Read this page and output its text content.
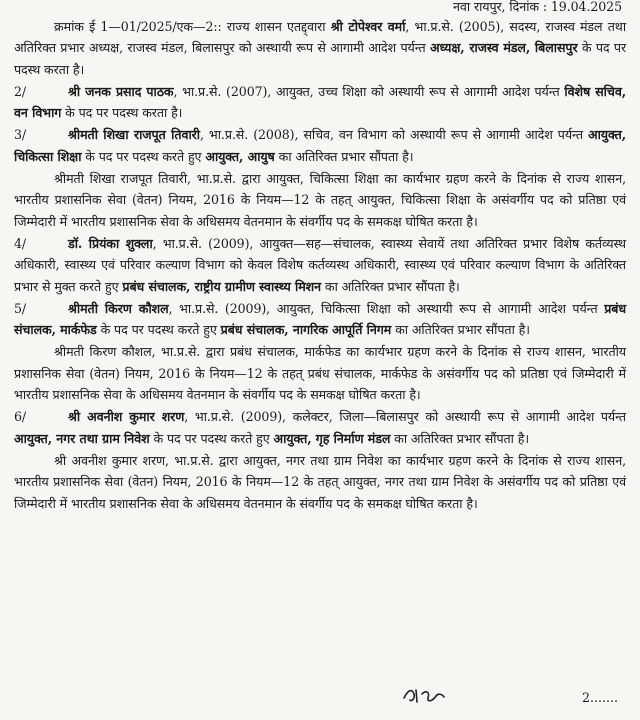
नवा रायपुर, दिनांक : 19.04.2025

क्रमांक ई 1—01/2025/एक—2:: राज्य शासन एतद्द्वारा श्री टोपेश्वर वर्मा, भा.प्र.से. (2005), सदस्य, राजस्व मंडल तथा अतिरिक्त प्रभार अध्यक्ष, राजस्व मंडल, बिलासपुर को अस्थायी रूप से आगामी आदेश पर्यन्त अध्यक्ष, राजस्व मंडल, बिलासपुर के पद पर पदस्थ करता है।

2/	श्री जनक प्रसाद पाठक, भा.प्र.से. (2007), आयुक्त, उच्च शिक्षा को अस्थायी रूप से आगामी आदेश पर्यन्त विशेष सचिव, वन विभाग के पद पर पदस्थ करता है।

3/	श्रीमती शिखा राजपूत तिवारी, भा.प्र.से. (2008), सचिव, वन विभाग को अस्थायी रूप से आगामी आदेश पर्यन्त आयुक्त, चिकित्सा शिक्षा के पद पर पदस्थ करते हुए आयुक्त, आयुष का अतिरिक्त प्रभार सौंपता है।

श्रीमती शिखा राजपूत तिवारी, भा.प्र.से. द्वारा आयुक्त, चिकित्सा शिक्षा का कार्यभार ग्रहण करने के दिनांक से राज्य शासन, भारतीय प्रशासनिक सेवा (वेतन) नियम, 2016 के नियम—12 के तहत् आयुक्त, चिकित्सा शिक्षा के असंवर्गीय पद को प्रतिष्ठा एवं जिम्मेदारी में भारतीय प्रशासनिक सेवा के अधिसमय वेतनमान के संवर्गीय पद के समकक्ष घोषित करता है।

4/	डॉ. प्रियंका शुक्ला, भा.प्र.से. (2009), आयुक्त—सह—संचालक, स्वास्थ्य सेवायें तथा अतिरिक्त प्रभार विशेष कर्तव्यस्थ अधिकारी, स्वास्थ्य एवं परिवार कल्याण विभाग को केवल विशेष कर्तव्यस्थ अधिकारी, स्वास्थ्य एवं परिवार कल्याण विभाग के अतिरिक्त प्रभार से मुक्त करते हुए प्रबंध संचालक, राष्ट्रीय ग्रामीण स्वास्थ्य मिशन का अतिरिक्त प्रभार सौंपता है।

5/	श्रीमती किरण कौशल, भा.प्र.से. (2009), आयुक्त, चिकित्सा शिक्षा को अस्थायी रूप से आगामी आदेश पर्यन्त प्रबंध संचालक, मार्कफेड के पद पर पदस्थ करते हुए प्रबंध संचालक, नागरिक आपूर्ति निगम का अतिरिक्त प्रभार सौंपता है।

श्रीमती किरण कौशल, भा.प्र.से. द्वारा प्रबंध संचालक, मार्कफेड का कार्यभार ग्रहण करने के दिनांक से राज्य शासन, भारतीय प्रशासनिक सेवा (वेतन) नियम, 2016 के नियम—12 के तहत् प्रबंध संचालक, मार्कफेड के असंवर्गीय पद को प्रतिष्ठा एवं जिम्मेदारी में भारतीय प्रशासनिक सेवा के अधिसमय वेतनमान के संवर्गीय पद के समकक्ष घोषित करता है।

6/	श्री अवनीश कुमार शरण, भा.प्र.से. (2009), कलेक्टर, जिला—बिलासपुर को अस्थायी रूप से आगामी आदेश पर्यन्त आयुक्त, नगर तथा ग्राम निवेश के पद पर पदस्थ करते हुए आयुक्त, गृह निर्माण मंडल का अतिरिक्त प्रभार सौंपता है।

श्री अवनीश कुमार शरण, भा.प्र.से. द्वारा आयुक्त, नगर तथा ग्राम निवेश का कार्यभार ग्रहण करने के दिनांक से राज्य शासन, भारतीय प्रशासनिक सेवा (वेतन) नियम, 2016 के नियम—12 के तहत् आयुक्त, नगर तथा ग्राम निवेश के असंवर्गीय पद को प्रतिष्ठा एवं जिम्मेदारी में भारतीय प्रशासनिक सेवा के अधिसमय वेतनमान के संवर्गीय पद के समकक्ष घोषित करता है।

2.......
